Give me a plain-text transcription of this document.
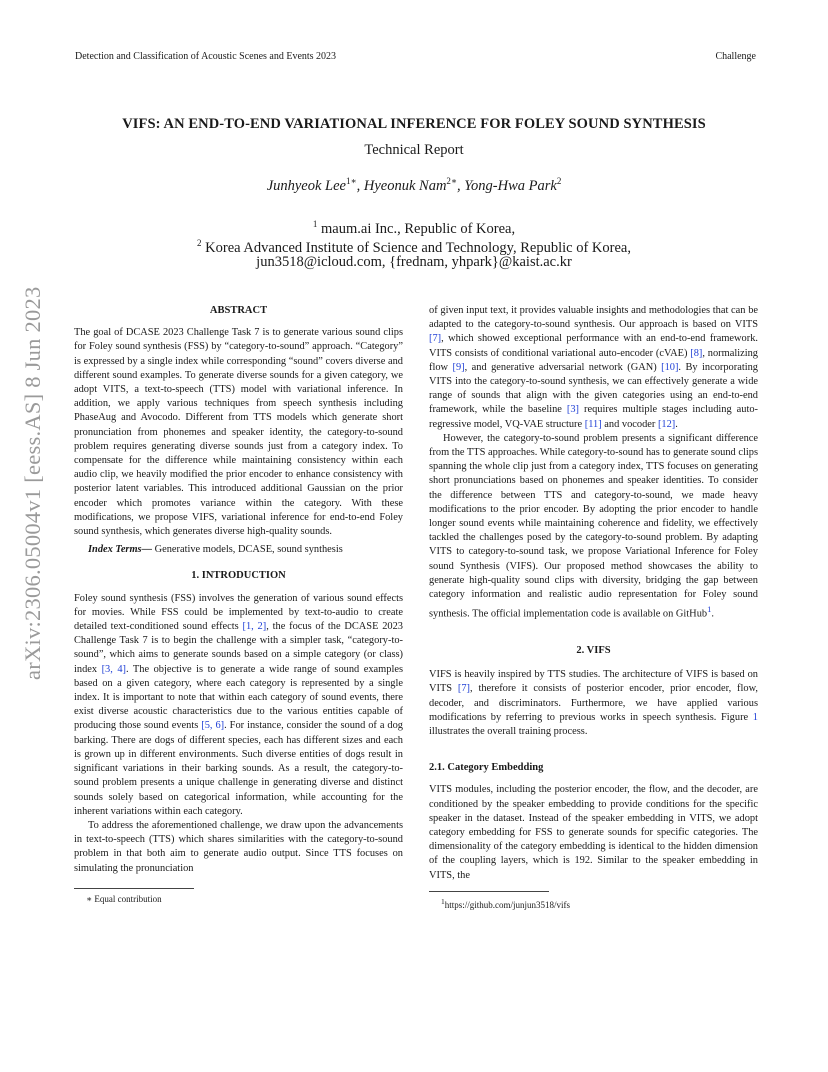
Detection and Classification of Acoustic Scenes and Events 2023	Challenge
arXiv:2306.05004v1 [eess.AS] 8 Jun 2023
VIFS: AN END-TO-END VARIATIONAL INFERENCE FOR FOLEY SOUND SYNTHESIS
Technical Report
Junhyeok Lee$^{1∗}$, Hyeonuk Nam$^{2∗}$, Yong-Hwa Park$^2$
$^1$ maum.ai Inc., Republic of Korea,
$^2$ Korea Advanced Institute of Science and Technology, Republic of Korea,
jun3518@icloud.com, {frednam, yhpark}@kaist.ac.kr

ABSTRACT

The goal of DCASE 2023 Challenge Task 7 is to generate various sound clips for Foley sound synthesis (FSS) by “category-to-sound” approach. “Category” is expressed by a single index while corresponding “sound” covers diverse and different sound examples. To generate diverse sounds for a given category, we adopt VITS, a text-to-speech (TTS) model with variational inference. In addition, we apply various techniques from speech synthesis including PhaseAug and Avocodo. Different from TTS models which generate short pronunciation from phonemes and speaker identity, the category-to-sound problem requires generating diverse sounds just from a category index. To compensate for the difference while maintaining consistency within each audio clip, we heavily modified the prior encoder to enhance consistency with posterior latent variables. This introduced additional Gaussian on the prior encoder which promotes variance within the category. With these modifications, we propose VIFS, variational inference for end-to-end Foley sound synthesis, which generates diverse high-quality sounds.

Index Terms— Generative models, DCASE, sound synthesis

1. INTRODUCTION

Foley sound synthesis (FSS) involves the generation of various sound effects for movies. While FSS could be implemented by text-to-audio to create detailed text-conditioned sound effects [1, 2], the focus of the DCASE 2023 Challenge Task 7 is to begin the challenge with a simpler task, “category-to-sound”, which aims to generate sounds based on a simple category (or class) index [3, 4]. The objective is to generate a wide range of sound examples based on a given category, where each category is represented by a single index. It is important to note that within each category of sound events, there exist diverse acoustic characteristics due to the various entities capable of producing those sound events [5, 6]. For instance, consider the sound of a dog barking. There are dogs of different species, each has different sizes and each is grown up in different environments. Such diverse entities of dogs result in significant variations in their barking sounds. As a result, the category-to-sound problem presents a unique challenge in generating diverse and distinct sounds solely based on categorical information, while accounting for the inherent variations within each category.

To address the aforementioned challenge, we draw upon the advancements in text-to-speech (TTS) which shares similarities with the category-to-sound problem in that both aim to generate audio output. Since TTS focuses on simulating the pronunciation

∗ Equal contribution

of given input text, it provides valuable insights and methodologies that can be adapted to the category-to-sound synthesis. Our approach is based on VITS [7], which showed exceptional performance with an end-to-end framework. VITS consists of conditional variational auto-encoder (cVAE) [8], normalizing flow [9], and generative adversarial network (GAN) [10]. By incorporating VITS into the category-to-sound synthesis, we can effectively generate a wide range of sounds that align with the given categories using an end-to-end framework, while the baseline [3] requires multiple stages including auto-regressive model, VQ-VAE structure [11] and vocoder [12].

However, the category-to-sound problem presents a significant difference from the TTS approaches. While category-to-sound has to generate sound clips spanning the whole clip just from a category index, TTS focuses on generating short pronunciations based on phonemes and speaker identities. To consider the difference between TTS and category-to-sound, we made heavy modifications to the prior encoder. By adopting the prior encoder to handle longer sound events while maintaining coherence and fidelity, we effectively tackled the challenges posed by the category-to-sound problem. By adapting VITS to category-to-sound task, we propose Variational Inference for Foley sound Synthesis (VIFS). Our proposed method showcases the ability to generate high-quality sound clips with diversity, bridging the gap between category information and realistic audio representation for Foley sound synthesis. The official implementation code is available on GitHub$^1$.

2. VIFS

VIFS is heavily inspired by TTS studies. The architecture of VIFS is based on VITS [7], therefore it consists of posterior encoder, prior encoder, flow, decoder, and discriminators. Furthermore, we have applied various modifications by referring to previous works in speech synthesis. Figure 1 illustrates the overall training process.

2.1. Category Embedding

VITS modules, including the posterior encoder, the flow, and the decoder, are conditioned by the speaker embedding to provide conditions for the specific speaker in the dataset. Instead of the speaker embedding in VITS, we adopt category embedding for FSS to generate sounds for specific categories. The dimensionality of the category embedding is identical to the hidden dimension of the coupling layers, which is 192. Similar to the speaker embedding in VITS, the

$^1$https://github.com/junjun3518/vifs
